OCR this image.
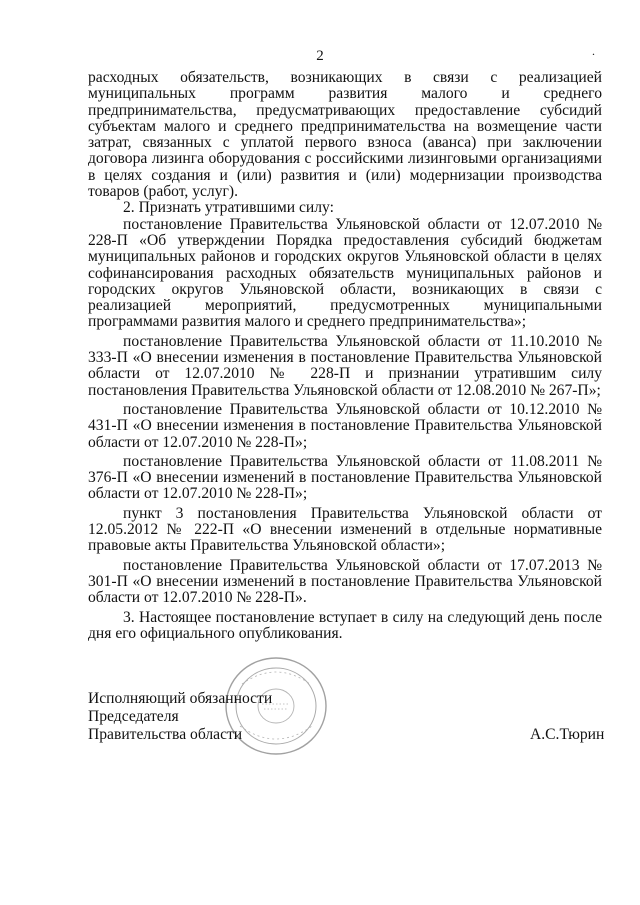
2	.

расходных обязательств, возникающих в связи с реализацией муниципальных программ развития малого и среднего предпринимательства, предусматривающих предоставление субсидий субъектам малого и среднего предпринимательства на возмещение части затрат, связанных с уплатой первого взноса (аванса) при заключении договора лизинга оборудования с российскими лизинговыми организациями в целях создания и (или) развития и (или) модернизации производства товаров (работ, услуг).

2. Признать утратившими силу:

постановление Правительства Ульяновской области от 12.07.2010 № 228-П «Об утверждении Порядка предоставления субсидий бюджетам муниципальных районов и городских округов Ульяновской области в целях софинансирования расходных обязательств муниципальных районов и городских округов Ульяновской области, возникающих в связи с реализацией мероприятий, предусмотренных муниципальными программами развития малого и среднего предпринимательства»;

постановление Правительства Ульяновской области от 11.10.2010 № 333-П «О внесении изменения в постановление Правительства Ульяновской области от 12.07.2010 № 228-П и признании утратившим силу постановления Правительства Ульяновской области от 12.08.2010 № 267-П»;

постановление Правительства Ульяновской области от 10.12.2010 № 431-П «О внесении изменения в постановление Правительства Ульяновской области от 12.07.2010 № 228-П»;

постановление Правительства Ульяновской области от 11.08.2011 № 376-П «О внесении изменений в постановление Правительства Ульяновской области от 12.07.2010 № 228-П»;

пункт 3 постановления Правительства Ульяновской области от 12.05.2012 № 222-П «О внесении изменений в отдельные нормативные правовые акты Правительства Ульяновской области»;

постановление Правительства Ульяновской области от 17.07.2013 № 301-П «О внесении изменений в постановление Правительства Ульяновской области от 12.07.2010 № 228-П».

3. Настоящее постановление вступает в силу на следующий день после дня его официального опубликования.

Исполняющий обязанности
Председателя
Правительства области	А.С.Тюрин
